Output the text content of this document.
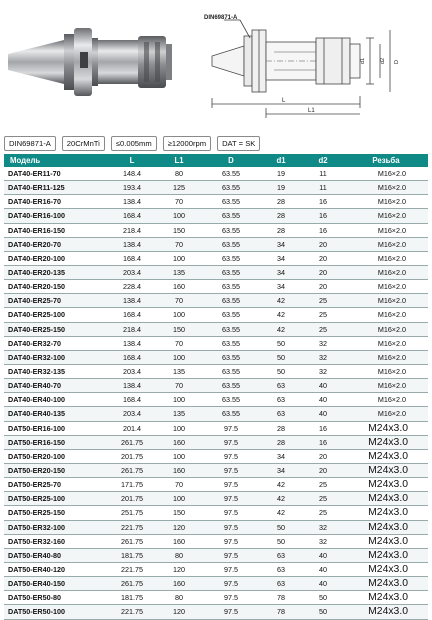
DIN69871-A
L
L1
d1	d2 D
DIN69871-A	20CrMnTi	≤0.005mm	≥12000rpm	DAT = SK
Модель	L	L1	D	d1	d2	Резьба
DAT40-ER11-70	148.4	80	63.55	19	11	M16×2.0
DAT40-ER11-125	193.4	125	63.55	19	11	M16×2.0
DAT40-ER16-70	138.4	70	63.55	28	16	M16×2.0
DAT40-ER16-100	168.4	100	63.55	28	16	M16×2.0
DAT40-ER16-150	218.4	150	63.55	28	16	M16×2.0
DAT40-ER20-70	138.4	70	63.55	34	20	M16×2.0
DAT40-ER20-100	168.4	100	63.55	34	20	M16×2.0
DAT40-ER20-135	203.4	135	63.55	34	20	M16×2.0
DAT40-ER20-150	228.4	160	63.55	34	20	M16×2.0
DAT40-ER25-70	138.4	70	63.55	42	25	M16×2.0
DAT40-ER25-100	168.4	100	63.55	42	25	M16×2.0
DAT40-ER25-150	218.4	150	63.55	42	25	M16×2.0
DAT40-ER32-70	138.4	70	63.55	50	32	M16×2.0
DAT40-ER32-100	168.4	100	63.55	50	32	M16×2.0
DAT40-ER32-135	203.4	135	63.55	50	32	M16×2.0
DAT40-ER40-70	138.4	70	63.55	63	40	M16×2.0
DAT40-ER40-100	168.4	100	63.55	63	40	M16×2.0
DAT40-ER40-135	203.4	135	63.55	63	40	M16×2.0
DAT50-ER16-100	201.4	100	97.5	28	16	M24x3.0
DAT50-ER16-150	261.75	160	97.5	28	16	M24x3.0
DAT50-ER20-100	201.75	100	97.5	34	20	M24x3.0
DAT50-ER20-150	261.75	160	97.5	34	20	M24x3.0
DAT50-ER25-70	171.75	70	97.5	42	25	M24x3.0
DAT50-ER25-100	201.75	100	97.5	42	25	M24x3.0
DAT50-ER25-150	251.75	150	97.5	42	25	M24x3.0
DAT50-ER32-100	221.75	120	97.5	50	32	M24x3.0
DAT50-ER32-160	261.75	160	97.5	50	32	M24x3.0
DAT50-ER40-80	181.75	80	97.5	63	40	M24x3.0
DAT50-ER40-120	221.75	120	97.5	63	40	M24x3.0
DAT50-ER40-150	261.75	160	97.5	63	40	M24x3.0
DAT50-ER50-80	181.75	80	97.5	78	50	M24x3.0
DAT50-ER50-100	221.75	120	97.5	78	50	M24x3.0
